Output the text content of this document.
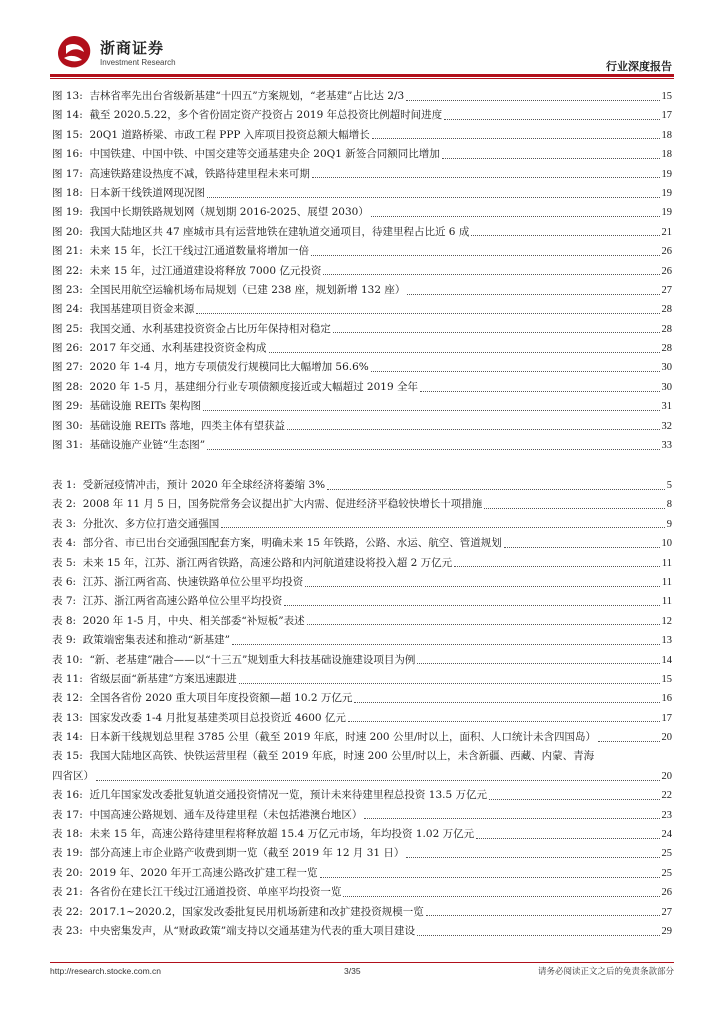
浙商证券
Investment Research	行业深度报告
图 13:
吉林省率先出台省级新基建“十四五”方案规划，“老基建”占比达 2/3	15
图 14:
截至 2020.5.22，多个省份固定资产投资占 2019 年总投资比例超时间进度	17
图 15:
20Q1 道路桥梁、市政工程 PPP 入库项目投资总额大幅增长	18
图 16:
中国铁建、中国中铁、中国交建等交通基建央企 20Q1 新签合同额同比增加	18
图 17:
高速铁路建设热度不减，铁路待建里程未来可期	19
图 18:
日本新干线铁道网现况图	19
图 19:
我国中长期铁路规划网（规划期 2016-2025、展望 2030）	19
图 20:
我国大陆地区共 47 座城市具有运营地铁在建轨道交通项目，待建里程占比近 6 成	21
图 21:
未来 15 年，长江干线过江通道数量将增加一倍	26
图 22:
未来 15 年，过江通道建设将释放 7000 亿元投资	26
图 23:
全国民用航空运输机场布局规划（已建 238 座，规划新增 132 座）	27
图 24:
我国基建项目资金来源	28
图 25:
我国交通、水利基建投资资金占比历年保持相对稳定	28
图 26:
2017 年交通、水利基建投资资金构成	28
图 27:
2020 年 1-4 月，地方专项债发行规模同比大幅增加 56.6%	30
图 28:
2020 年 1-5 月，基建细分行业专项债额度接近或大幅超过 2019 全年	30
图 29:
基础设施 REITs 架构图	31
图 30:
基础设施 REITs 落地，四类主体有望获益	32
图 31:
基础设施产业链“生态图”	33
表 1:
受新冠疫情冲击，预计 2020 年全球经济将萎缩 3%	5
表 2:
2008 年 11 月 5 日，国务院常务会议提出扩大内需、促进经济平稳较快增长十项措施	8
表 3:
分批次、多方位打造交通强国	9
表 4:
部分省、市已出台交通强国配套方案，明确未来 15 年铁路，公路、水运、航空、管道规划	10
表 5:
未来 15 年，江苏、浙江两省铁路，高速公路和内河航道建设将投入超 2 万亿元	11
表 6:
江苏、浙江两省高、快速铁路单位公里平均投资	11
表 7:
江苏、浙江两省高速公路单位公里平均投资	11
表 8:
2020 年 1-5 月，中央、相关部委“补短板”表述	12
表 9:
政策端密集表述和推动“新基建”	13
表 10:
“新、老基建”融合——以“十三五”规划重大科技基础设施建设项目为例	14
表 11:
省级层面“新基建”方案迅速跟进	15
表 12:
全国各省份 2020 重大项目年度投资额—超 10.2 万亿元	16
表 13:
国家发改委 1-4 月批复基建类项目总投资近 4600 亿元	17
表 14:
日本新干线规划总里程 3785 公里（截至 2019 年底，时速 200 公里/时以上，面积、人口统计未含四国岛）	20
表 15:
我国大陆地区高铁、快铁运营里程（截至 2019 年底，时速 200 公里/时以上，未含新疆、西藏、内蒙、青海
四省区）	20
表 16:
近几年国家发改委批复轨道交通投资情况一览，预计未来待建里程总投资 13.5 万亿元	22
表 17:
中国高速公路规划、通车及待建里程（未包括港澳台地区）	23
表 18:
未来 15 年，高速公路待建里程将释放超 15.4 万亿元市场，年均投资 1.02 万亿元	24
表 19:
部分高速上市企业路产收费到期一览（截至 2019 年 12 月 31 日）	25
表 20:
2019 年、2020 年开工高速公路改扩建工程一览	25
表 21:
各省份在建长江干线过江通道投资、单座平均投资一览	26
表 22:
2017.1~2020.2，国家发改委批复民用机场新建和改扩建投资规模一览	27
表 23:
中央密集发声，从“财政政策”端支持以交通基建为代表的重大项目建设	29
http://research.stocke.com.cn	3/35	请务必阅读正文之后的免责条款部分
